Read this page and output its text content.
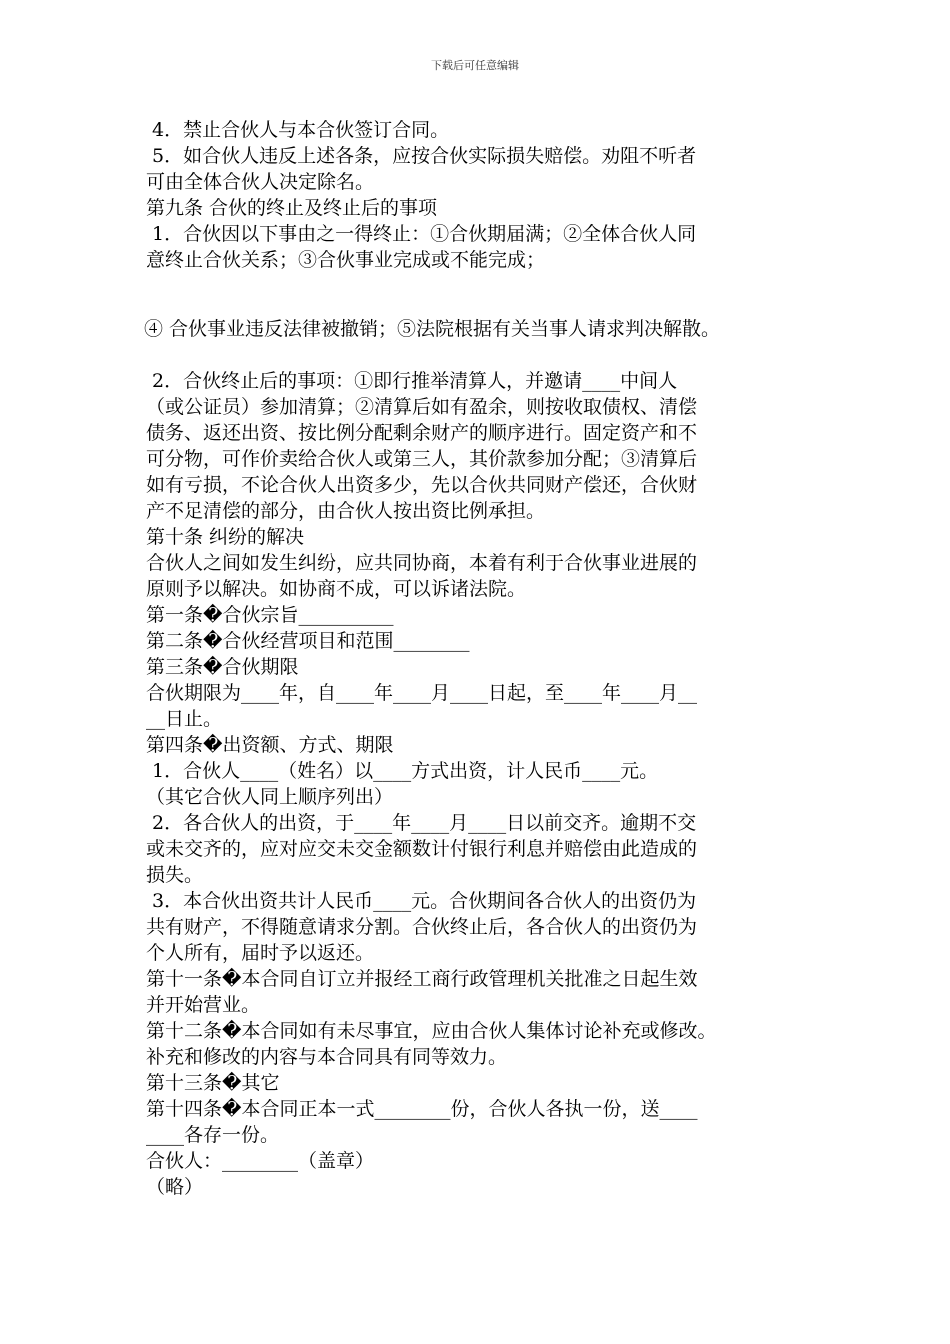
下载后可任意编辑

4．禁止合伙人与本合伙签订合同。

5．如合伙人违反上述各条，应按合伙实际损失赔偿。劝阻不听者

可由全体合伙人决定除名。

第九条 合伙的终止及终止后的事项

1．合伙因以下事由之一得终止：①合伙期届满；②全体合伙人同

意终止合伙关系；③合伙事业完成或不能完成；

④ 合伙事业违反法律被撤销；⑤法院根据有关当事人请求判决解散。

2．合伙终止后的事项：①即行推举清算人，并邀请____中间人

（或公证员）参加清算；②清算后如有盈余，则按收取债权、清偿

债务、返还出资、按比例分配剩余财产的顺序进行。固定资产和不

可分物，可作价卖给合伙人或第三人，其价款参加分配；③清算后

如有亏损，不论合伙人出资多少，先以合伙共同财产偿还，合伙财

产不足清偿的部分，由合伙人按出资比例承担。

第十条 纠纷的解决

合伙人之间如发生纠纷，应共同协商，本着有利于合伙事业进展的

原则予以解决。如协商不成，可以诉诸法院。

第一条�合伙宗旨__________

第二条�合伙经营项目和范围________

第三条�合伙期限

合伙期限为____年，自____年____月____日起，至____年____月__

__日止。

第四条�出资额、方式、期限

1．合伙人____（姓名）以____方式出资，计人民币____元。

（其它合伙人同上顺序列出）

2．各合伙人的出资，于____年____月____日以前交齐。逾期不交

或未交齐的，应对应交未交金额数计付银行利息并赔偿由此造成的

损失。

3．本合伙出资共计人民币____元。合伙期间各合伙人的出资仍为

共有财产，不得随意请求分割。合伙终止后，各合伙人的出资仍为

个人所有，届时予以返还。

第十一条�本合同自订立并报经工商行政管理机关批准之日起生效

并开始营业。

第十二条�本合同如有未尽事宜，应由合伙人集体讨论补充或修改。

补充和修改的内容与本合同具有同等效力。

第十三条�其它

第十四条�本合同正本一式________份，合伙人各执一份，送____

____各存一份。

合伙人：________（盖章）

（略）
